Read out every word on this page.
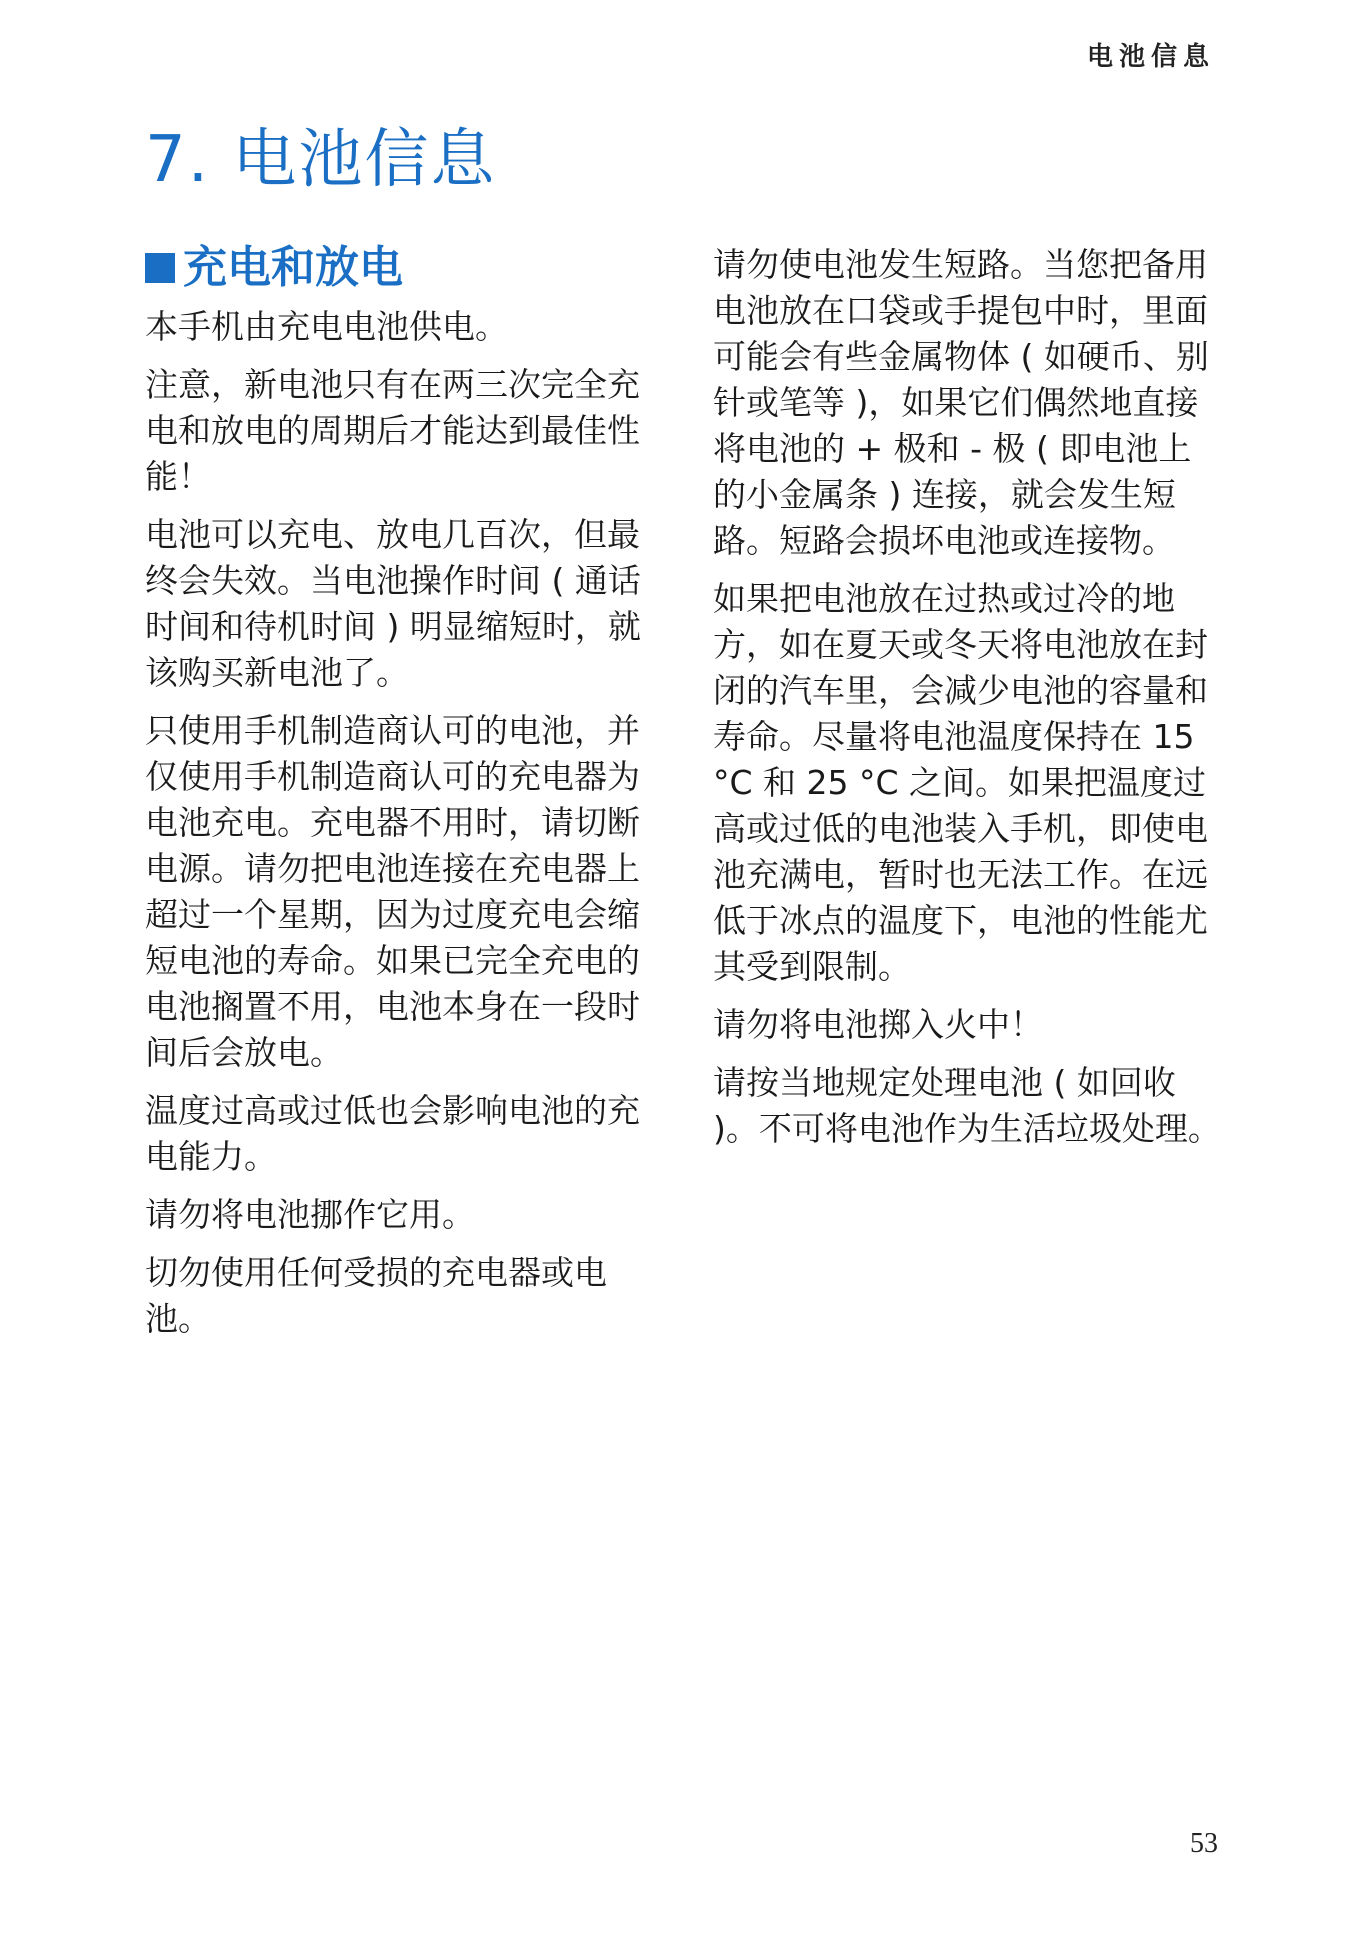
电池信息
7. 电池信息
充电和放电

本手机由充电电池供电。

注意，新电池只有在两三次完全充电和放电的周期后才能达到最佳性能！

电池可以充电、放电几百次，但最终会失效。当电池操作时间 ( 通话时间和待机时间 ) 明显缩短时，就该购买新电池了。

只使用手机制造商认可的电池，并仅使用手机制造商认可的充电器为电池充电。充电器不用时，请切断电源。请勿把电池连接在充电器上超过一个星期，因为过度充电会缩短电池的寿命。如果已完全充电的电池搁置不用，电池本身在一段时间后会放电。

温度过高或过低也会影响电池的充电能力。

请勿将电池挪作它用。

切勿使用任何受损的充电器或电池。

请勿使电池发生短路。当您把备用电池放在口袋或手提包中时，里面可能会有些金属物体 ( 如硬币、别针或笔等 )，如果它们偶然地直接将电池的 + 极和 - 极 ( 即电池上的小金属条 ) 连接，就会发生短路。短路会损坏电池或连接物。

如果把电池放在过热或过冷的地方，如在夏天或冬天将电池放在封闭的汽车里，会减少电池的容量和寿命。尽量将电池温度保持在 15 °C 和 25 °C 之间。如果把温度过高或过低的电池装入手机，即使电池充满电，暂时也无法工作。在远低于冰点的温度下，电池的性能尤其受到限制。

请勿将电池掷入火中！

请按当地规定处理电池 ( 如回收 )。不可将电池作为生活垃圾处理。

53
